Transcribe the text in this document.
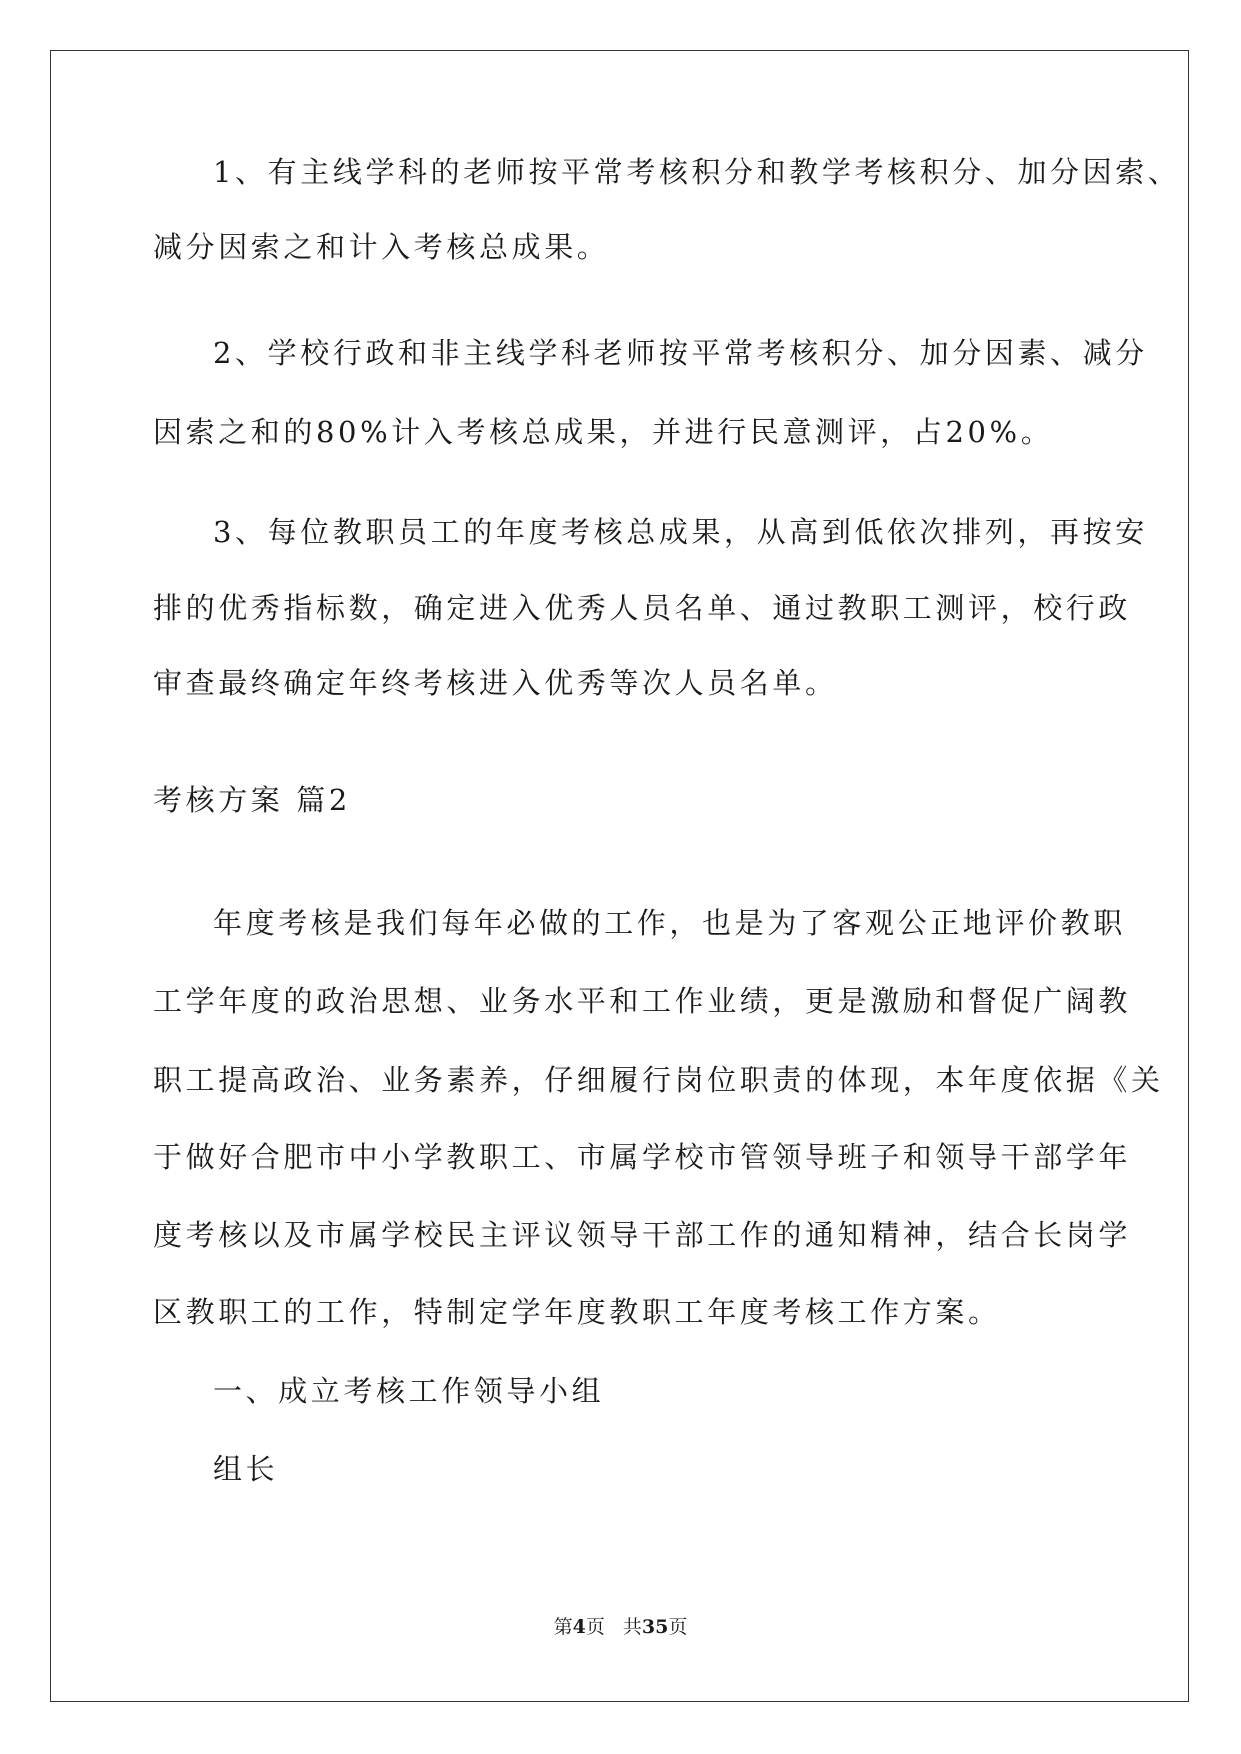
1、有主线学科的老师按平常考核积分和教学考核积分、加分因索、
减分因索之和计入考核总成果。
2、学校行政和非主线学科老师按平常考核积分、加分因素、减分
因索之和的80%计入考核总成果，并进行民意测评，占20%。
3、每位教职员工的年度考核总成果，从高到低依次排列，再按安
排的优秀指标数，确定进入优秀人员名单、通过教职工测评，校行政
审查最终确定年终考核进入优秀等次人员名单。
考核方案 篇2
年度考核是我们每年必做的工作，也是为了客观公正地评价教职
工学年度的政治思想、业务水平和工作业绩，更是激励和督促广阔教
职工提高政治、业务素养，仔细履行岗位职责的体现，本年度依据《关
于做好合肥市中小学教职工、市属学校市管领导班子和领导干部学年
度考核以及市属学校民主评议领导干部工作的通知精神，结合长岗学
区教职工的工作，特制定学年度教职工年度考核工作方案。
一、成立考核工作领导小组
组长
第4页 共35页
